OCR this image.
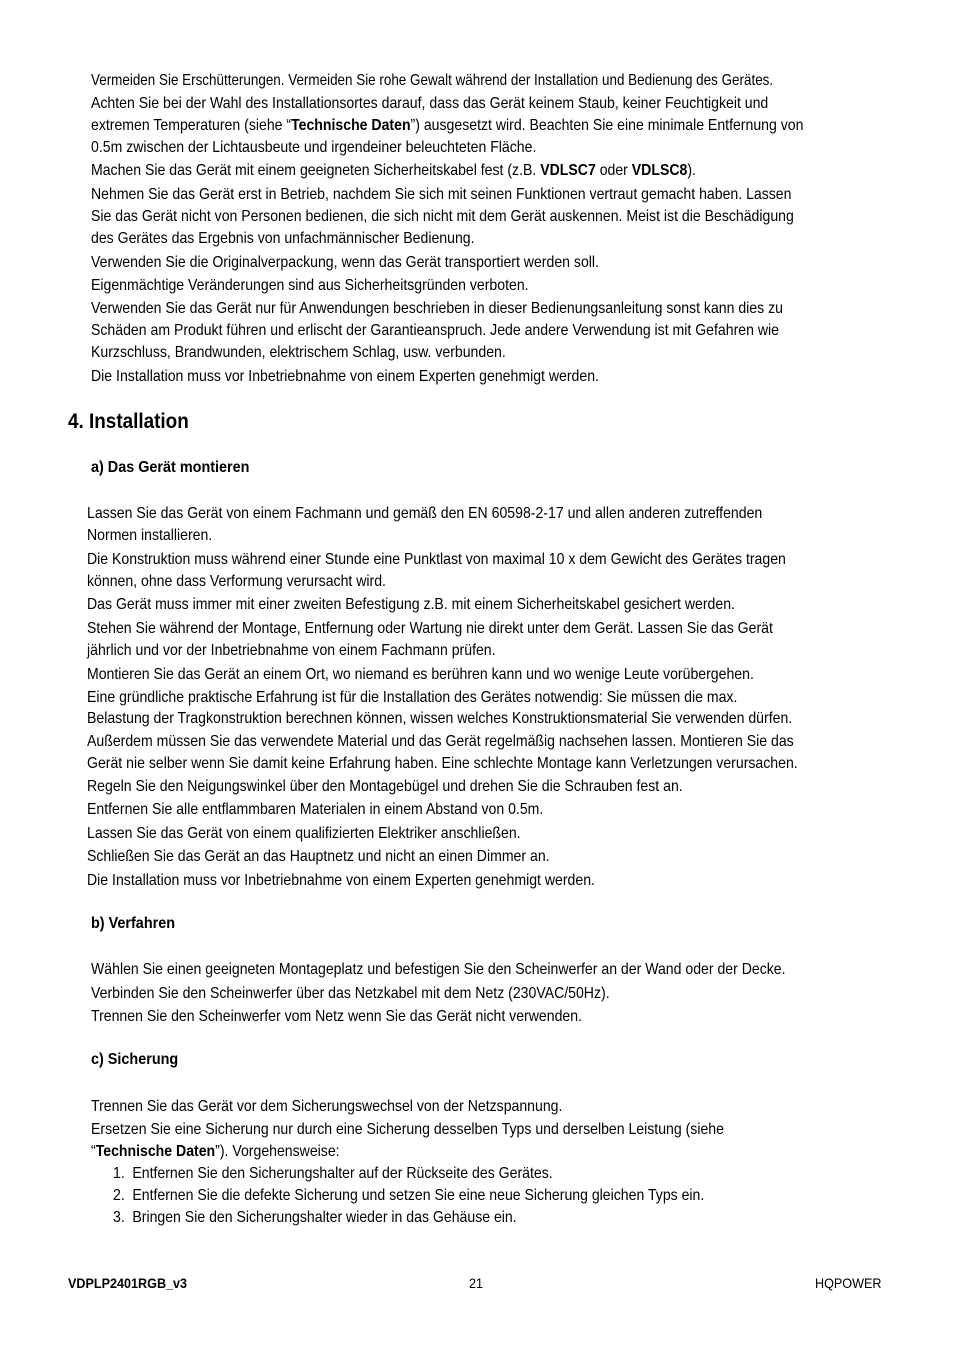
Vermeiden Sie Erschütterungen. Vermeiden Sie rohe Gewalt während der Installation und Bedienung des Gerätes.
Achten Sie bei der Wahl des Installationsortes darauf, dass das Gerät keinem Staub, keiner Feuchtigkeit und
extremen Temperaturen (siehe “Technische Daten”) ausgesetzt wird. Beachten Sie eine minimale Entfernung von
0.5m zwischen der Lichtausbeute und irgendeiner beleuchteten Fläche.
Machen Sie das Gerät mit einem geeigneten Sicherheitskabel fest (z.B. VDLSC7 oder VDLSC8).
Nehmen Sie das Gerät erst in Betrieb, nachdem Sie sich mit seinen Funktionen vertraut gemacht haben. Lassen
Sie das Gerät nicht von Personen bedienen, die sich nicht mit dem Gerät auskennen. Meist ist die Beschädigung
des Gerätes das Ergebnis von unfachmännischer Bedienung.
Verwenden Sie die Originalverpackung, wenn das Gerät transportiert werden soll.
Eigenmächtige Veränderungen sind aus Sicherheitsgründen verboten.
Verwenden Sie das Gerät nur für Anwendungen beschrieben in dieser Bedienungsanleitung sonst kann dies zu
Schäden am Produkt führen und erlischt der Garantieanspruch. Jede andere Verwendung ist mit Gefahren wie
Kurzschluss, Brandwunden, elektrischem Schlag, usw. verbunden.
Die Installation muss vor Inbetriebnahme von einem Experten genehmigt werden.
4. Installation
a) Das Gerät montieren
Lassen Sie das Gerät von einem Fachmann und gemäß den EN 60598-2-17 und allen anderen zutreffenden
Normen installieren.
Die Konstruktion muss während einer Stunde eine Punktlast von maximal 10 x dem Gewicht des Gerätes tragen
können, ohne dass Verformung verursacht wird.
Das Gerät muss immer mit einer zweiten Befestigung z.B. mit einem Sicherheitskabel gesichert werden.
Stehen Sie während der Montage, Entfernung oder Wartung nie direkt unter dem Gerät. Lassen Sie das Gerät
jährlich und vor der Inbetriebnahme von einem Fachmann prüfen.
Montieren Sie das Gerät an einem Ort, wo niemand es berühren kann und wo wenige Leute vorübergehen.
Eine gründliche praktische Erfahrung ist für die Installation des Gerätes notwendig: Sie müssen die max.
Belastung der Tragkonstruktion berechnen können, wissen welches Konstruktionsmaterial Sie verwenden dürfen.
Außerdem müssen Sie das verwendete Material und das Gerät regelmäßig nachsehen lassen. Montieren Sie das
Gerät nie selber wenn Sie damit keine Erfahrung haben. Eine schlechte Montage kann Verletzungen verursachen.
Regeln Sie den Neigungswinkel über den Montagebügel und drehen Sie die Schrauben fest an.
Entfernen Sie alle entflammbaren Materialen in einem Abstand von 0.5m.
Lassen Sie das Gerät von einem qualifizierten Elektriker anschließen.
Schließen Sie das Gerät an das Hauptnetz und nicht an einen Dimmer an.
Die Installation muss vor Inbetriebnahme von einem Experten genehmigt werden.
b) Verfahren
Wählen Sie einen geeigneten Montageplatz und befestigen Sie den Scheinwerfer an der Wand oder der Decke.
Verbinden Sie den Scheinwerfer über das Netzkabel mit dem Netz (230VAC/50Hz).
Trennen Sie den Scheinwerfer vom Netz wenn Sie das Gerät nicht verwenden.
c) Sicherung
Trennen Sie das Gerät vor dem Sicherungswechsel von der Netzspannung.
Ersetzen Sie eine Sicherung nur durch eine Sicherung desselben Typs und derselben Leistung (siehe
“Technische Daten”). Vorgehensweise:
1. Entfernen Sie den Sicherungshalter auf der Rückseite des Gerätes.
2. Entfernen Sie die defekte Sicherung und setzen Sie eine neue Sicherung gleichen Typs ein.
3. Bringen Sie den Sicherungshalter wieder in das Gehäuse ein.
VDPLP2401RGB_v3	21	HQPOWER
